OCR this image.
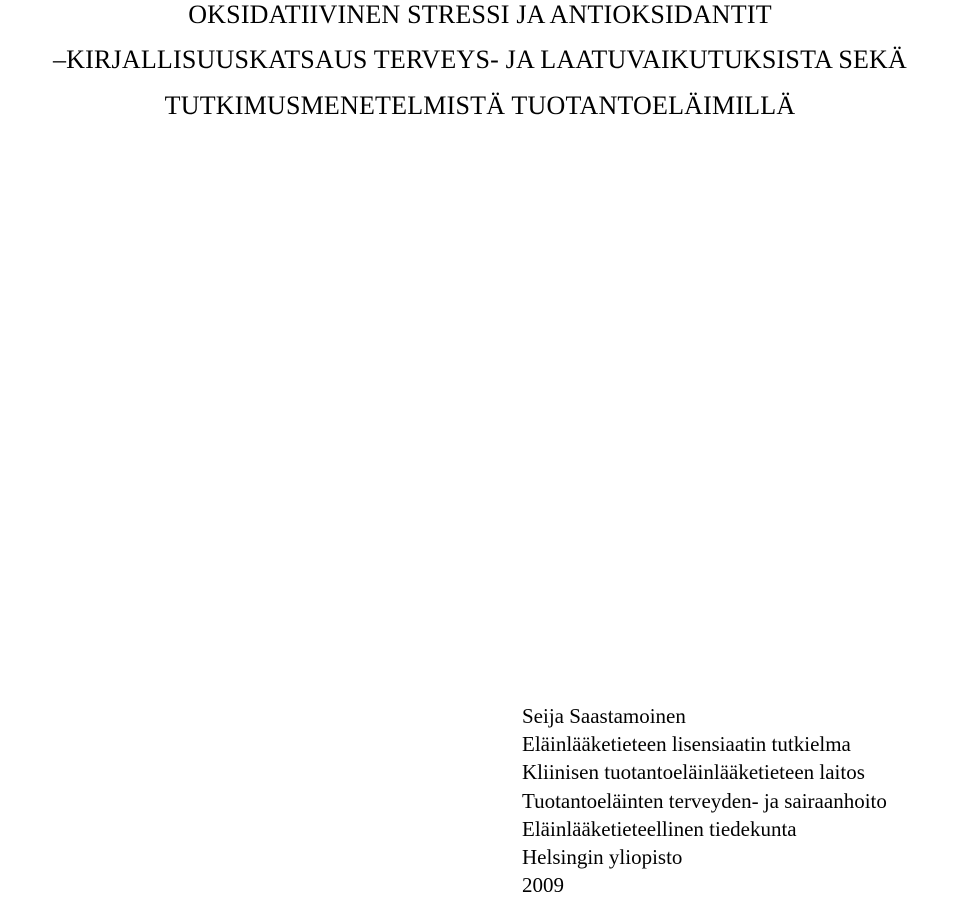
OKSIDATIIVINEN STRESSI JA ANTIOKSIDANTIT
–KIRJALLISUUSKATSAUS TERVEYS- JA LAATUVAIKUTUKSISTA SEKÄ
TUTKIMUSMENETELMISTÄ TUOTANTOELÄIMILLÄ
Seija Saastamoinen
Eläinlääketieteen lisensiaatin tutkielma
Kliinisen tuotantoeläinlääketieteen laitos
Tuotantoeläinten terveyden- ja sairaanhoito
Eläinlääketieteellinen tiedekunta
Helsingin yliopisto
2009
